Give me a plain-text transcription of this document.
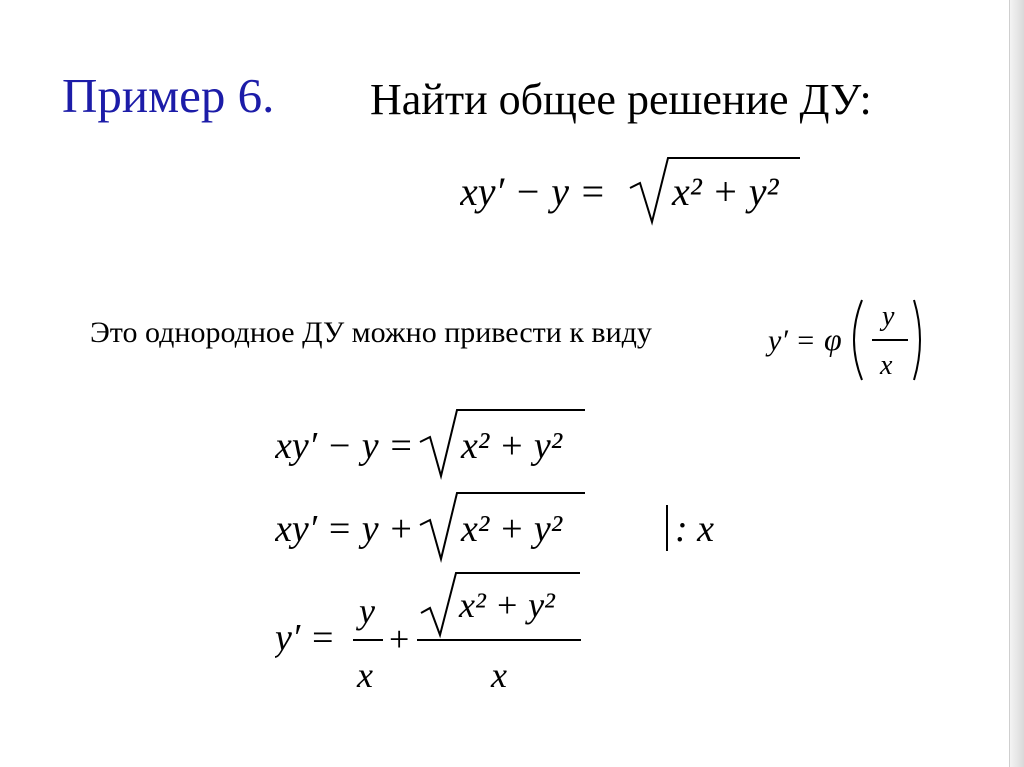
Пример 6. Найти общее решение ДУ:
xy′ − y = x² + y²
Это однородное ДУ можно привести к виду	y′ = φ
y
x
xy′ − y = x² + y²
xy′ = y + x² + y²	: x
y′ =
y
x
+
x² + y²
x
